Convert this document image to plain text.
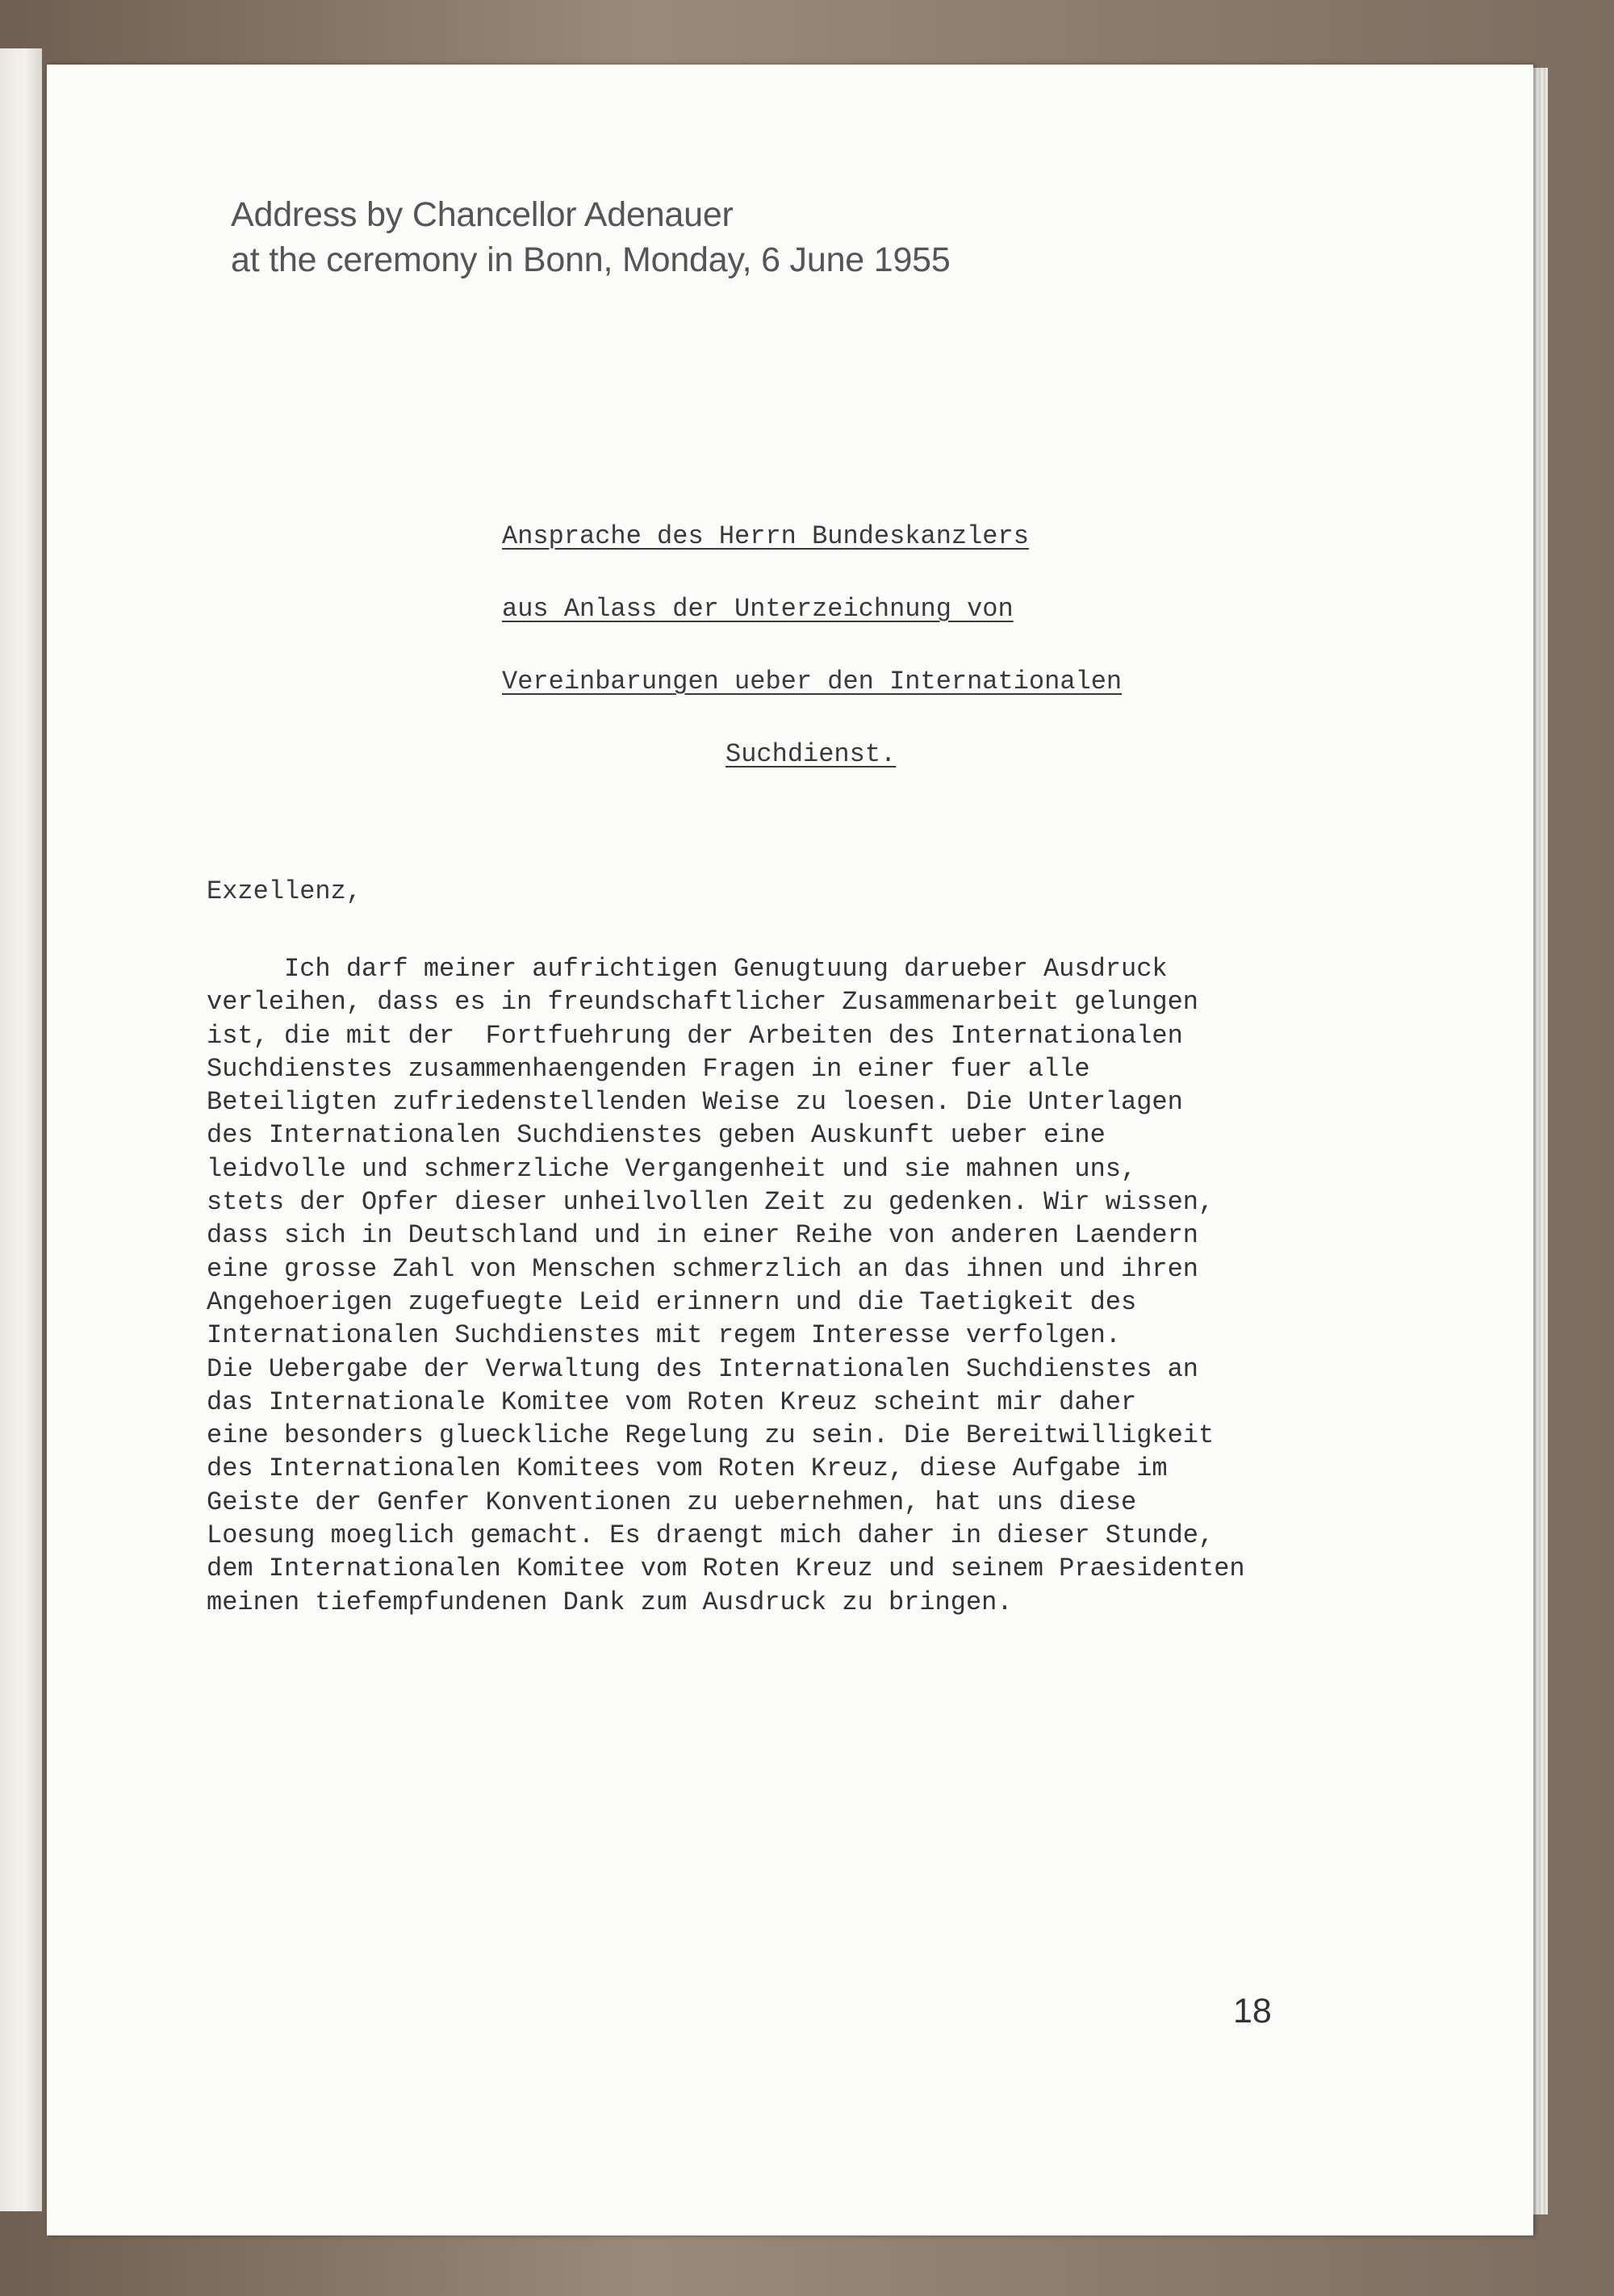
Address by Chancellor Adenauer
at the ceremony in Bonn, Monday, 6 June 1955
Ansprache des Herrn Bundeskanzlers
aus Anlass der Unterzeichnung von
Vereinbarungen ueber den Internationalen
Suchdienst.
Exzellenz,
Ich darf meiner aufrichtigen Genugtuung darueber Ausdruck
verleihen, dass es in freundschaftlicher Zusammenarbeit gelungen
ist, die mit der  Fortfuehrung der Arbeiten des Internationalen
Suchdienstes zusammenhaengenden Fragen in einer fuer alle
Beteiligten zufriedenstellenden Weise zu loesen. Die Unterlagen
des Internationalen Suchdienstes geben Auskunft ueber eine
leidvolle und schmerzliche Vergangenheit und sie mahnen uns,
stets der Opfer dieser unheilvollen Zeit zu gedenken. Wir wissen,
dass sich in Deutschland und in einer Reihe von anderen Laendern
eine grosse Zahl von Menschen schmerzlich an das ihnen und ihren
Angehoerigen zugefuegte Leid erinnern und die Taetigkeit des
Internationalen Suchdienstes mit regem Interesse verfolgen.
Die Uebergabe der Verwaltung des Internationalen Suchdienstes an
das Internationale Komitee vom Roten Kreuz scheint mir daher
eine besonders glueckliche Regelung zu sein. Die Bereitwilligkeit
des Internationalen Komitees vom Roten Kreuz, diese Aufgabe im
Geiste der Genfer Konventionen zu uebernehmen, hat uns diese
Loesung moeglich gemacht. Es draengt mich daher in dieser Stunde,
dem Internationalen Komitee vom Roten Kreuz und seinem Praesidenten
meinen tiefempfundenen Dank zum Ausdruck zu bringen.
18
